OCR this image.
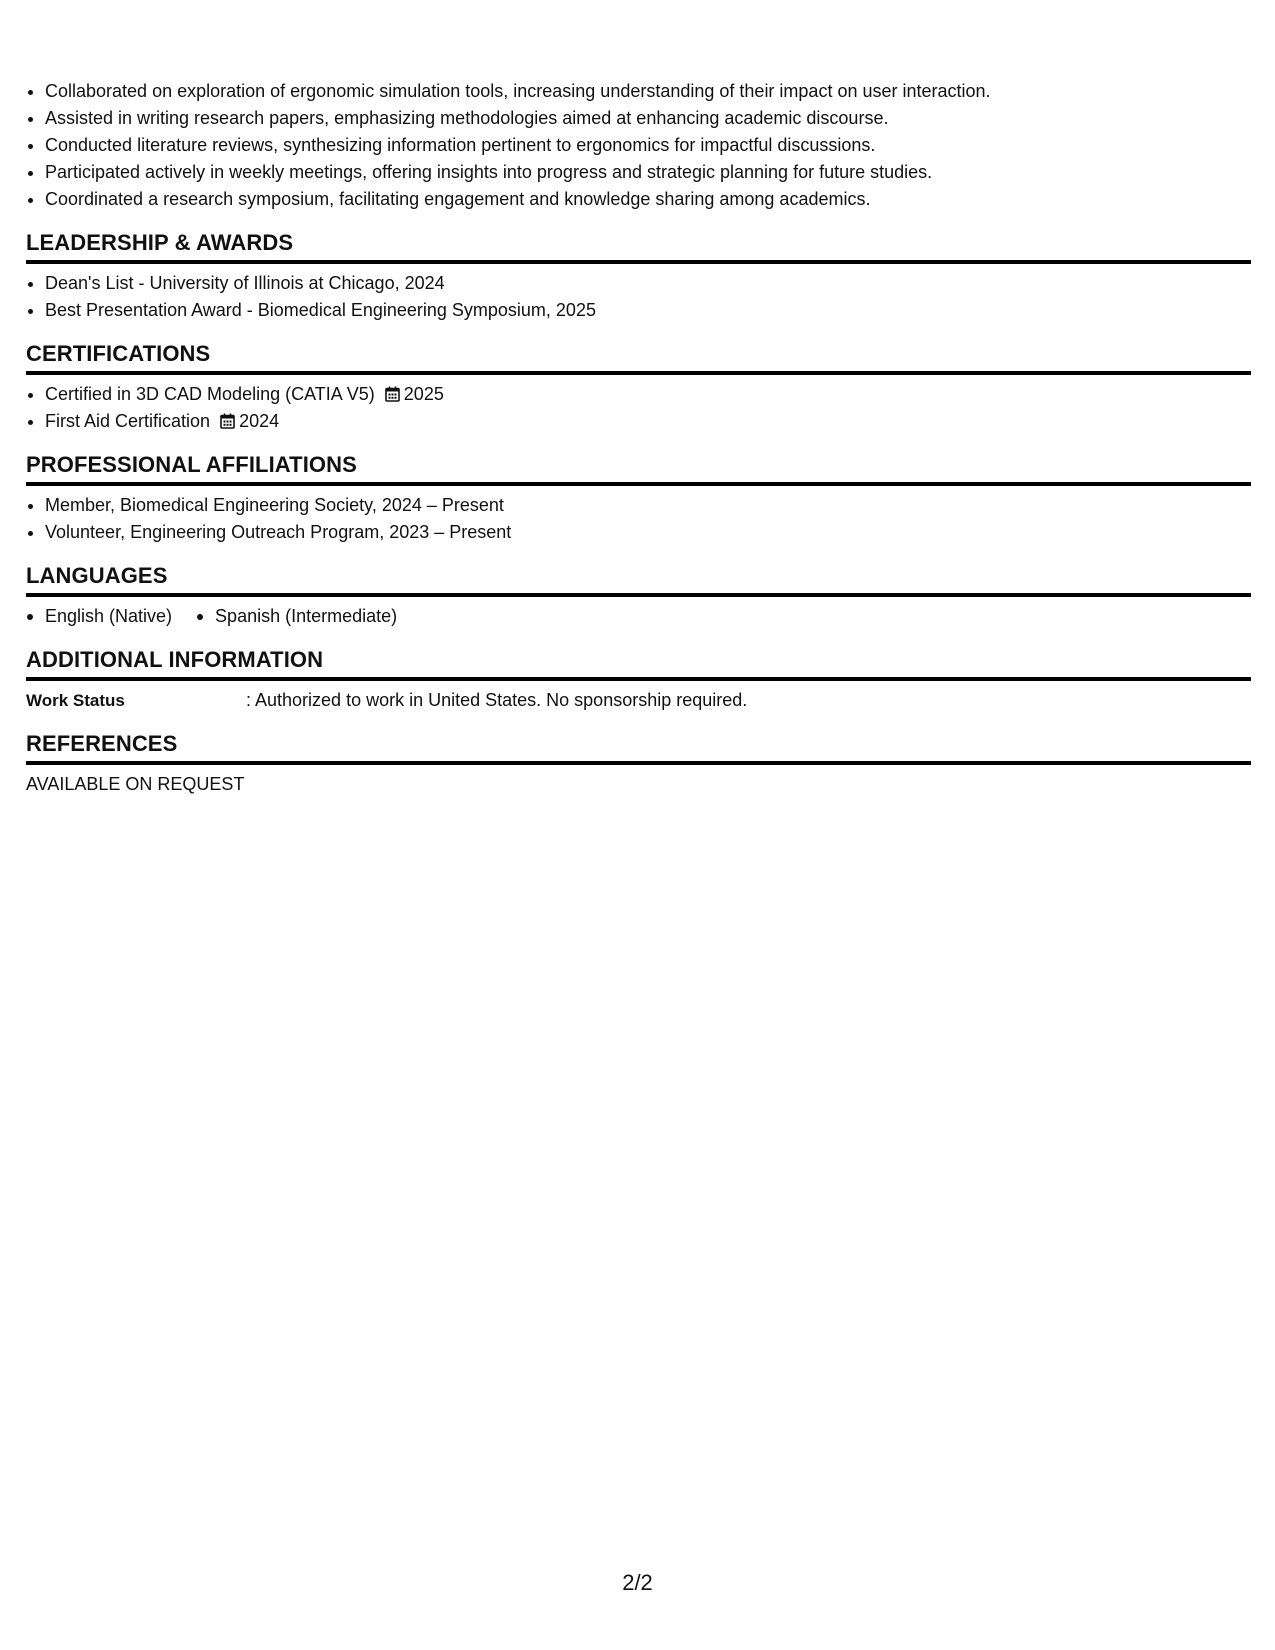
• Collaborated on exploration of ergonomic simulation tools, increasing understanding of their impact on user interaction.
• Assisted in writing research papers, emphasizing methodologies aimed at enhancing academic discourse.
• Conducted literature reviews, synthesizing information pertinent to ergonomics for impactful discussions.
• Participated actively in weekly meetings, offering insights into progress and strategic planning for future studies.
• Coordinated a research symposium, facilitating engagement and knowledge sharing among academics.
LEADERSHIP & AWARDS
• Dean's List - University of Illinois at Chicago, 2024
• Best Presentation Award - Biomedical Engineering Symposium, 2025
CERTIFICATIONS
• Certified in 3D CAD Modeling (CATIA V5) 2025
• First Aid Certification 2024
PROFESSIONAL AFFILIATIONS
• Member, Biomedical Engineering Society, 2024 – Present
• Volunteer, Engineering Outreach Program, 2023 – Present
LANGUAGES
English (Native)	Spanish (Intermediate)
ADDITIONAL INFORMATION
Work Status	: Authorized to work in United States. No sponsorship required.
REFERENCES
AVAILABLE ON REQUEST
2/2
